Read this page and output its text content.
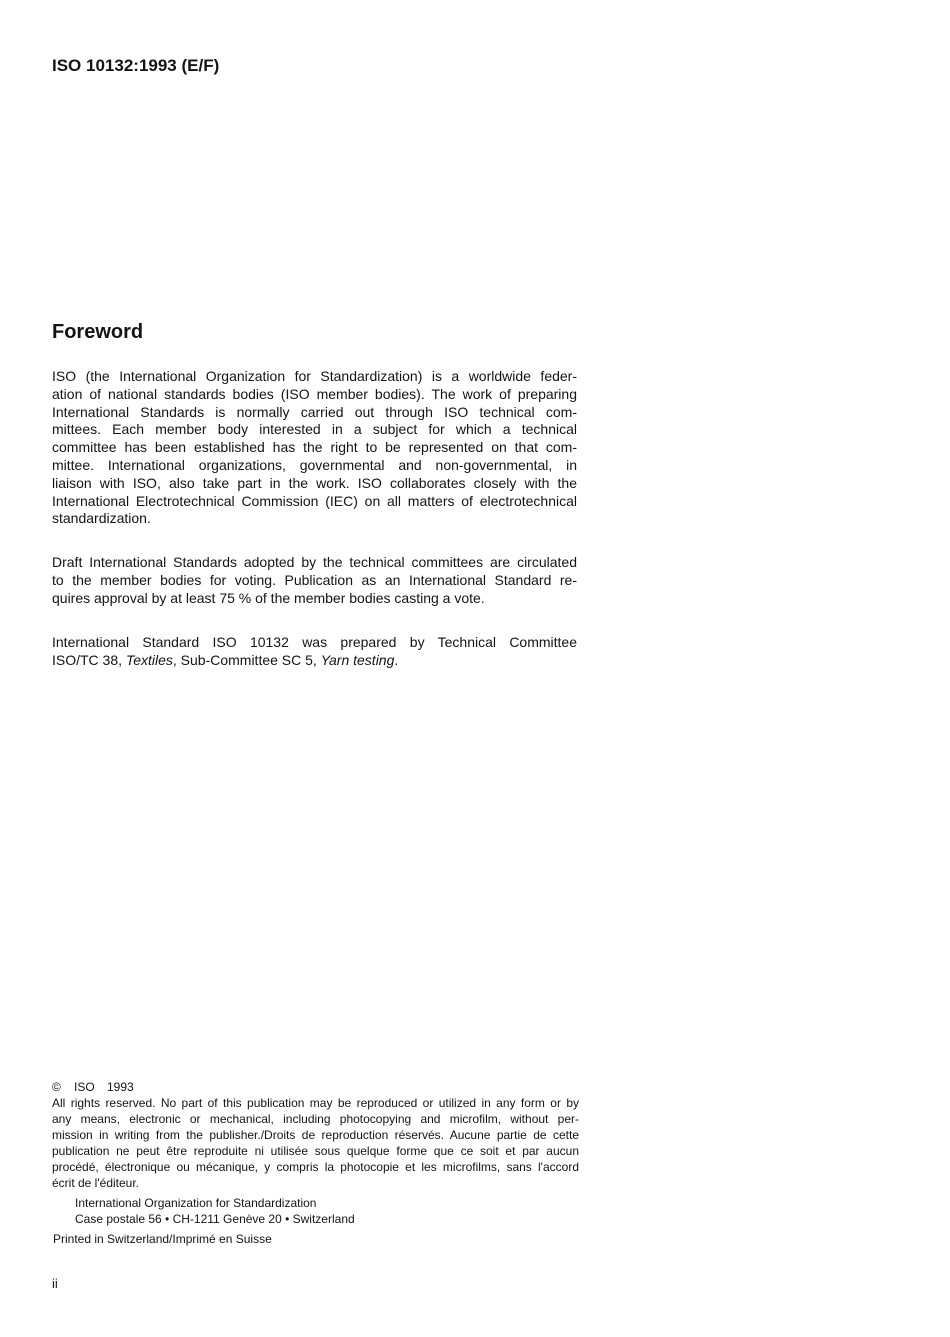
ISO 10132:1993 (E/F)
Foreword
ISO (the International Organization for Standardization) is a worldwide feder-
ation of national standards bodies (ISO member bodies). The work of preparing
International Standards is normally carried out through ISO technical com-
mittees. Each member body interested in a subject for which a technical
committee has been established has the right to be represented on that com-
mittee. International organizations, governmental and non-governmental, in
liaison with ISO, also take part in the work. ISO collaborates closely with the
International Electrotechnical Commission (IEC) on all matters of electrotechnical
standardization.
Draft International Standards adopted by the technical committees are circulated
to the member bodies for voting. Publication as an International Standard re-
quires approval by at least 75 % of the member bodies casting a vote.
International Standard ISO 10132 was prepared by Technical Committee
ISO/TC 38, Textiles, Sub-Committee SC 5, Yarn testing.
© ISO 1993
All rights reserved. No part of this publication may be reproduced or utilized in any form or by
any means, electronic or mechanical, including photocopying and microfilm, without per-
mission in writing from the publisher./Droits de reproduction réservés. Aucune partie de cette
publication ne peut être reproduite ni utilisée sous quelque forme que ce soit et par aucun
procédé, électronique ou mécanique, y compris la photocopie et les microfilms, sans l'accord
écrit de l'éditeur.
International Organization for Standardization
Case postale 56 • CH-1211 Genève 20 • Switzerland
Printed in Switzerland/Imprimé en Suisse
ii
